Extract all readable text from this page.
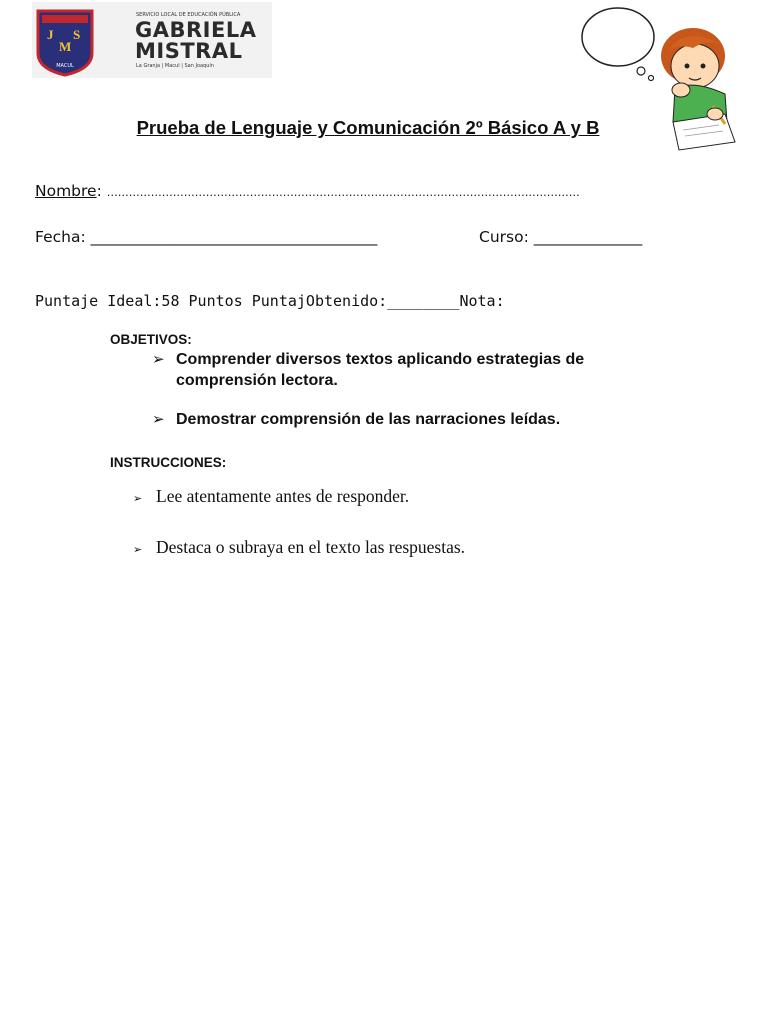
J
M
S
MACUL
SERVICIO LOCAL DE EDUCACIÓN PÚBLICA
GABRIELA
MISTRAL
La Granja | Macul | San Joaquín
Prueba de Lenguaje y Comunicación 2º Básico A y B
Nombre: …………………………………………………………………………………………………………………
Fecha: _____________________________________	Curso: ______________
Puntaje Ideal:58 Puntos PuntajObtenido:________Nota:
OBJETIVOS:
➢ Comprender diversos textos aplicando estrategias de
comprensión lectora.
➢ Demostrar comprensión de las narraciones leídas.
INSTRUCCIONES:
➢ Lee atentamente antes de responder.
➢ Destaca o subraya en el texto las respuestas.
